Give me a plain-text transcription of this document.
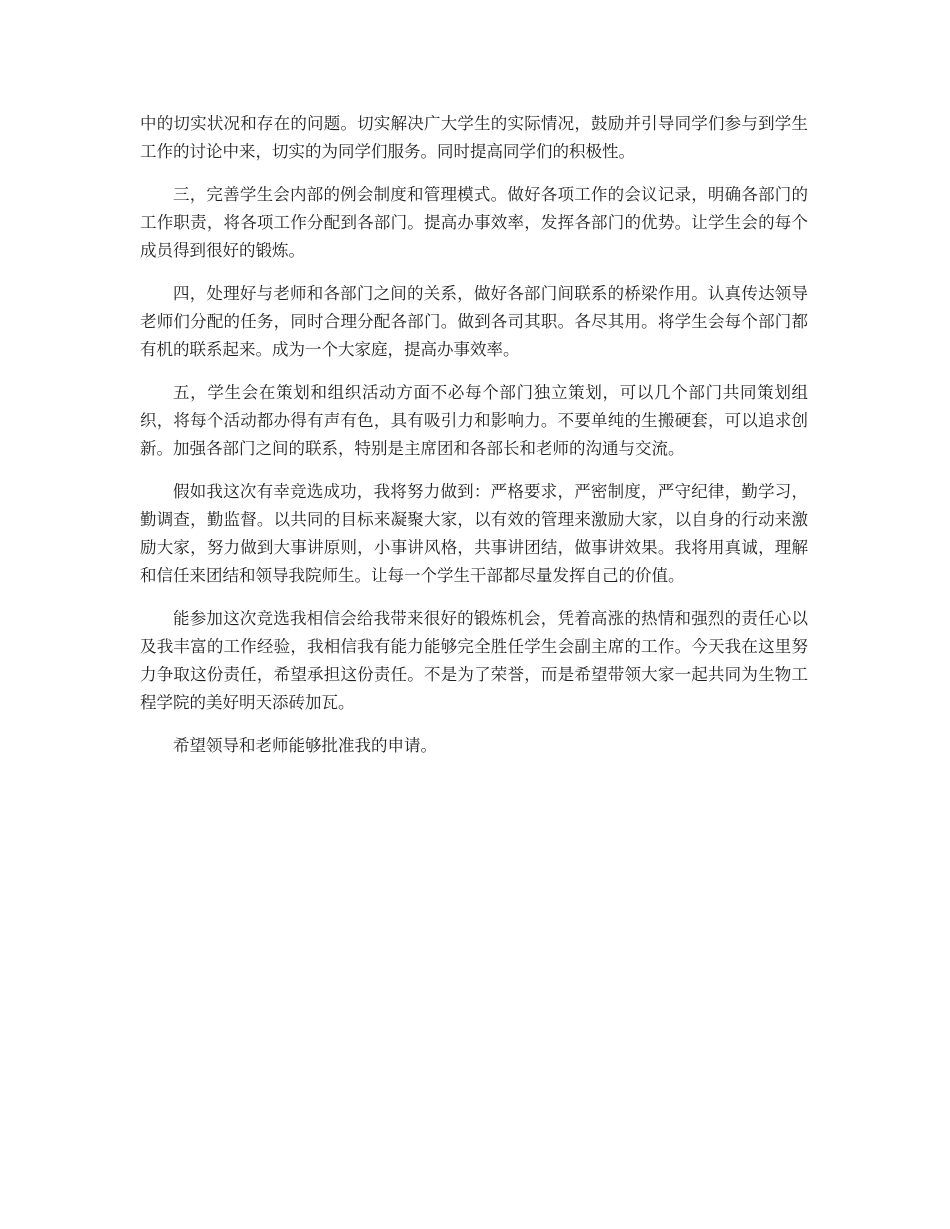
中的切实状况和存在的问题。切实解决广大学生的实际情况，鼓励并引导同学们参与到学生工作的讨论中来，切实的为同学们服务。同时提高同学们的积极性。

三，完善学生会内部的例会制度和管理模式。做好各项工作的会议记录，明确各部门的工作职责，将各项工作分配到各部门。提高办事效率，发挥各部门的优势。让学生会的每个成员得到很好的锻炼。

四，处理好与老师和各部门之间的关系，做好各部门间联系的桥梁作用。认真传达领导老师们分配的任务，同时合理分配各部门。做到各司其职。各尽其用。将学生会每个部门都有机的联系起来。成为一个大家庭，提高办事效率。

五，学生会在策划和组织活动方面不必每个部门独立策划，可以几个部门共同策划组织，将每个活动都办得有声有色，具有吸引力和影响力。不要单纯的生搬硬套，可以追求创新。加强各部门之间的联系，特别是主席团和各部长和老师的沟通与交流。

假如我这次有幸竞选成功，我将努力做到：严格要求，严密制度，严守纪律，勤学习，勤调查，勤监督。以共同的目标来凝聚大家，以有效的管理来激励大家，以自身的行动来激励大家，努力做到大事讲原则，小事讲风格，共事讲团结，做事讲效果。我将用真诚，理解和信任来团结和领导我院师生。让每一个学生干部都尽量发挥自己的价值。

能参加这次竞选我相信会给我带来很好的锻炼机会，凭着高涨的热情和强烈的责任心以及我丰富的工作经验，我相信我有能力能够完全胜任学生会副主席的工作。今天我在这里努力争取这份责任，希望承担这份责任。不是为了荣誉，而是希望带领大家一起共同为生物工程学院的美好明天添砖加瓦。

希望领导和老师能够批准我的申请。
